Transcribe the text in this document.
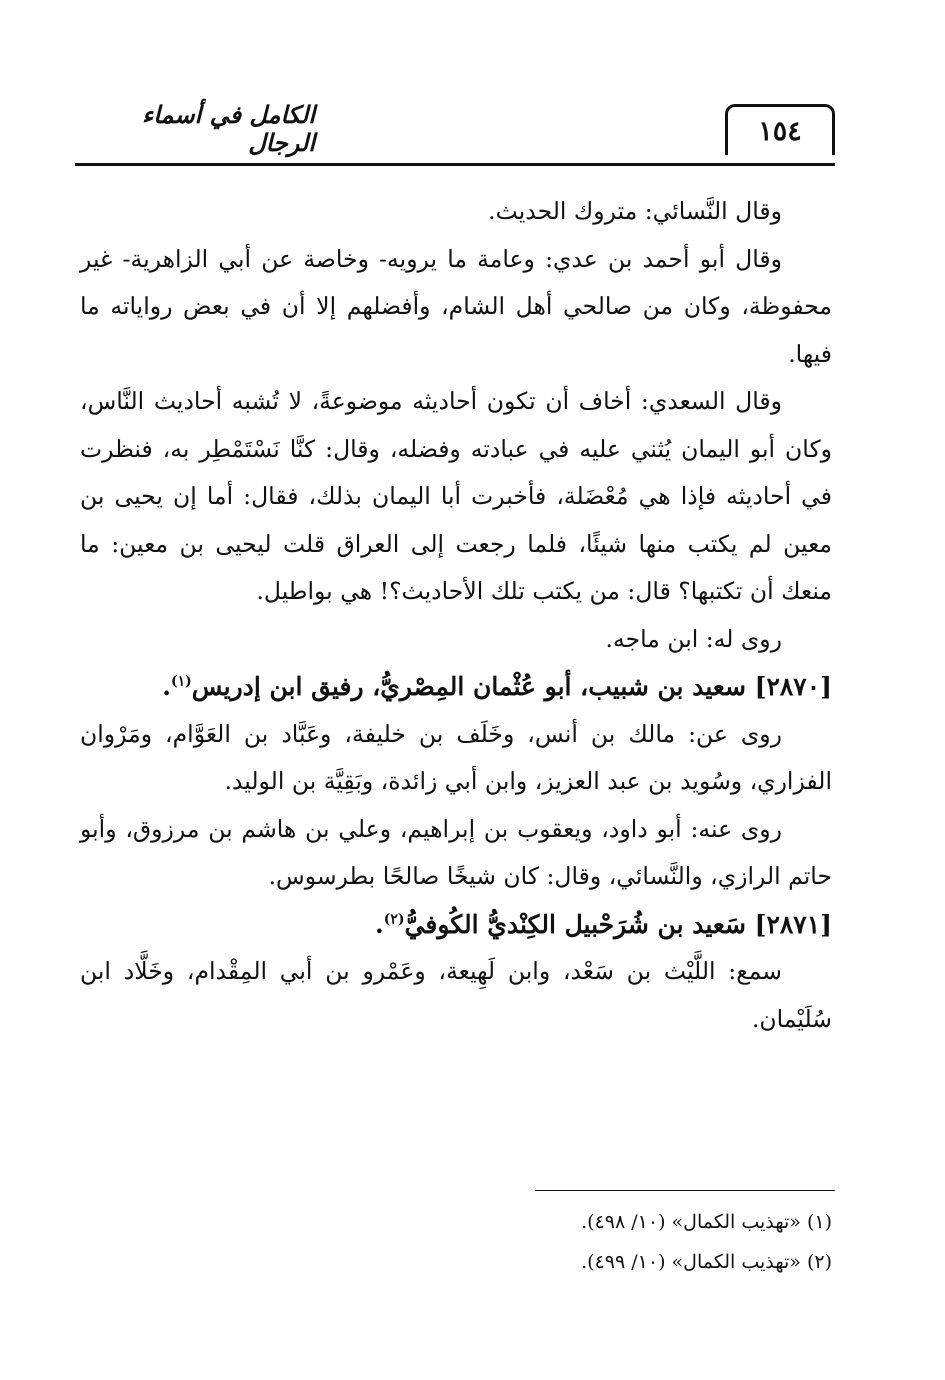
الكامل في أسماء الرجال	١٥٤

وقال النَّسائي: متروك الحديث.

وقال أبو أحمد بن عدي: وعامة ما يرويه- وخاصة عن أبي الزاهرية- غير محفوظة، وكان من صالحي أهل الشام، وأفضلهم إلا أن في بعض رواياته ما فيها.

وقال السعدي: أخاف أن تكون أحاديثه موضوعةً، لا تُشبه أحاديث النَّاس، وكان أبو اليمان يُثني عليه في عبادته وفضله، وقال: كنَّا نَسْتَمْطِر به، فنظرت في أحاديثه فإذا هي مُعْضَلة، فأخبرت أبا اليمان بذلك، فقال: أما إن يحيى بن معين لم يكتب منها شيئًا، فلما رجعت إلى العراق قلت ليحيى بن معين: ما منعك أن تكتبها؟ قال: من يكتب تلك الأحاديث؟! هي بواطيل.

روى له: ابن ماجه.

[٢٨٧٠] سعيد بن شبيب، أبو عُثْمان المِصْريُّ، رفيق ابن إدريس$^{(١)}$.

روى عن: مالك بن أنس، وخَلَف بن خليفة، وعَبَّاد بن العَوَّام، ومَرْوان الفزاري، وسُويد بن عبد العزيز، وابن أبي زائدة، وبَقِيَّة بن الوليد.

روى عنه: أبو داود، ويعقوب بن إبراهيم، وعلي بن هاشم بن مرزوق، وأبو حاتم الرازي، والنَّسائي، وقال: كان شيخًا صالحًا بطرسوس.

[٢٨٧١] سَعيد بن شُرَحْبيل الكِنْديُّ الكُوفيُّ$^{(٢)}$.

سمع: اللَّيْث بن سَعْد، وابن لَهِيعة، وعَمْرو بن أبي المِقْدام، وخَلَّاد ابن سُلَيْمان.

(١) «تهذيب الكمال» (١٠/ ٤٩٨).

(٢) «تهذيب الكمال» (١٠/ ٤٩٩).
